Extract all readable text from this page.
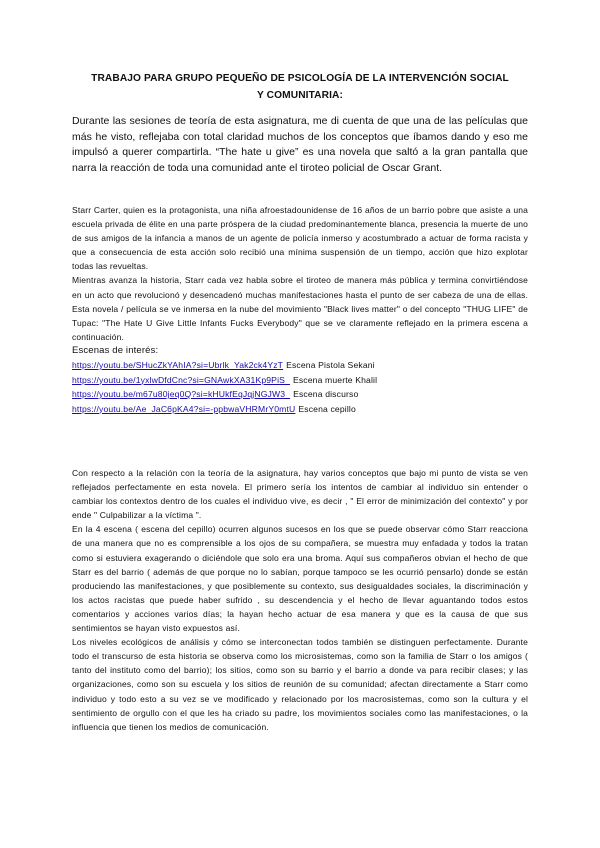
TRABAJO PARA GRUPO PEQUEÑO DE PSICOLOGÍA DE LA INTERVENCIÓN SOCIAL
Y COMUNITARIA:
Durante las sesiones de teoría de esta asignatura, me di cuenta de que una de las películas que más he visto, reflejaba con total claridad muchos de los conceptos que íbamos dando y eso me impulsó a querer compartirla. “The hate u give” es una novela que saltó a la gran pantalla que narra la reacción de toda una comunidad ante el tiroteo policial de Oscar Grant.

Starr Carter, quien es la protagonista, una niña afroestadounidense de 16 años de un barrio pobre que asiste a una escuela privada de élite en una parte próspera de la ciudad predominantemente blanca, presencia la muerte de uno de sus amigos de la infancia a manos de un agente de policía inmerso y acostumbrado a actuar de forma racista y que a consecuencia de esta acción solo recibió una mínima suspensión de un tiempo, acción que hizo explotar todas las revueltas.

Mientras avanza la historia, Starr cada vez habla sobre el tiroteo de manera más pública y termina convirtiéndose en un acto que revolucionó y desencadenó muchas manifestaciones hasta el punto de ser cabeza de una de ellas. Esta novela / película se ve inmersa en la nube del movimiento "Black lives matter" o del concepto "THUG LIFE" de Tupac: "The Hate U Give Little Infants Fucks Everybody" que se ve claramente reflejado en la primera escena a continuación.

Escenas de interés:
https://youtu.be/SHucZkYAhIA?si=Ubrlk_Yak2ck4YzT Escena Pistola Sekani
https://youtu.be/1yxlwDfdCnc?si=GNAwkXA31Kp9PiS_ Escena muerte Khalil
https://youtu.be/m67u80jeq0Q?si=kHUkfEqJqjNGJW3_ Escena discurso
https://youtu.be/Ae_JaC6pKA4?si=-ppbwaVHRMrY0mtU Escena cepillo

Con respecto a la relación con la teoría de la asignatura, hay varios conceptos que bajo mi punto de vista se ven reflejados perfectamente en esta novela. El primero sería los intentos de cambiar al individuo sin entender o cambiar los contextos dentro de los cuales el individuo vive, es decir , " El error de minimización del contexto" y por ende " Culpabilizar a la víctima ".

En la 4 escena ( escena del cepillo) ocurren algunos sucesos en los que se puede observar cómo Starr reacciona de una manera que no es comprensible a los ojos de su compañera, se muestra muy enfadada y todos la tratan como si estuviera exagerando o diciéndole que solo era una broma. Aquí sus compañeros obvian el hecho de que Starr es del barrio ( además de que porque no lo sabían, porque tampoco se les ocurrió pensarlo) donde se están produciendo las manifestaciones, y que posiblemente su contexto, sus desigualdades sociales, la discriminación y los actos racistas que puede haber sufrido , su descendencia y el hecho de llevar aguantando todos estos comentarios y acciones varios días; la hayan hecho actuar de esa manera y que es la causa de que sus sentimientos se hayan visto expuestos así.

Los niveles ecológicos de análisis y cómo se interconectan todos también se distinguen perfectamente. Durante todo el transcurso de esta historia se observa como los microsistemas, como son la familia de Starr o los amigos ( tanto del instituto como del barrio); los sitios, como son su barrio y el barrio a donde va para recibir clases; y las organizaciones, como son su escuela y los sitios de reunión de su comunidad; afectan directamente a Starr como individuo y todo esto a su vez se ve modificado y relacionado por los macrosistemas, como son la cultura y el sentimiento de orgullo con el que les ha criado su padre, los movimientos sociales como las manifestaciones, o la influencia que tienen los medios de comunicación.
